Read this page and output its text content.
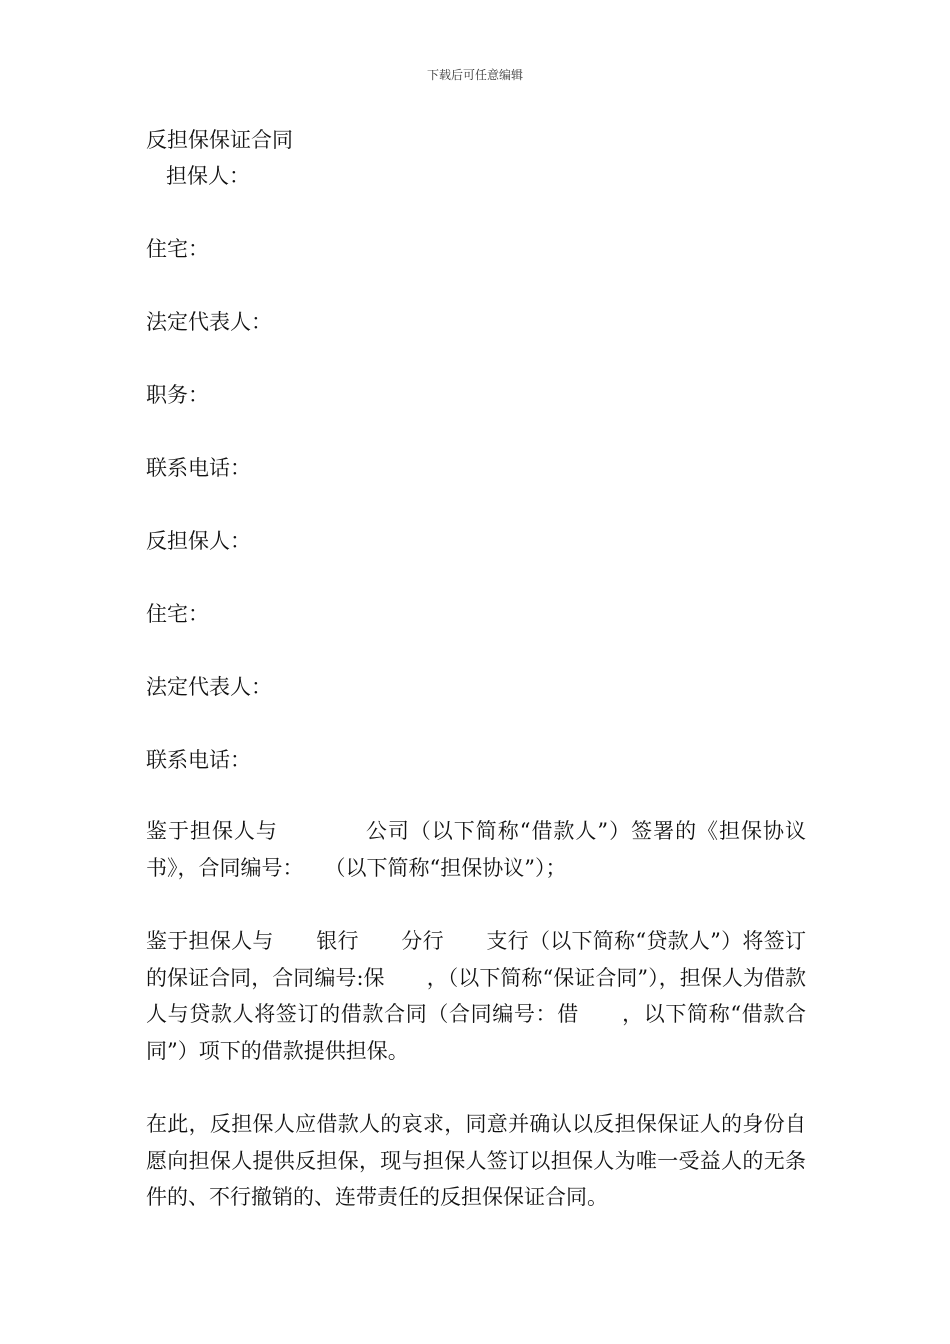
下载后可任意编辑
反担保保证合同
担保人：
住宅：
法定代表人：
职务：
联系电话：
反担保人：
住宅：
法定代表人：
联系电话：
鉴于担保人与　　　　公司（以下简称“借款人”）签署的《担保协议书》，合同编号：　　（以下简称“担保协议”）；
鉴于担保人与　　银行　　分行　　支行（以下简称“贷款人”）将签订的保证合同，合同编号:保　　，（以下简称“保证合同”），担保人为借款人与贷款人将签订的借款合同（合同编号：借　　，以下简称“借款合同”）项下的借款提供担保。
在此，反担保人应借款人的哀求，同意并确认以反担保保证人的身份自愿向担保人提供反担保，现与担保人签订以担保人为唯一受益人的无条件的、不行撤销的、连带责任的反担保保证合同。
